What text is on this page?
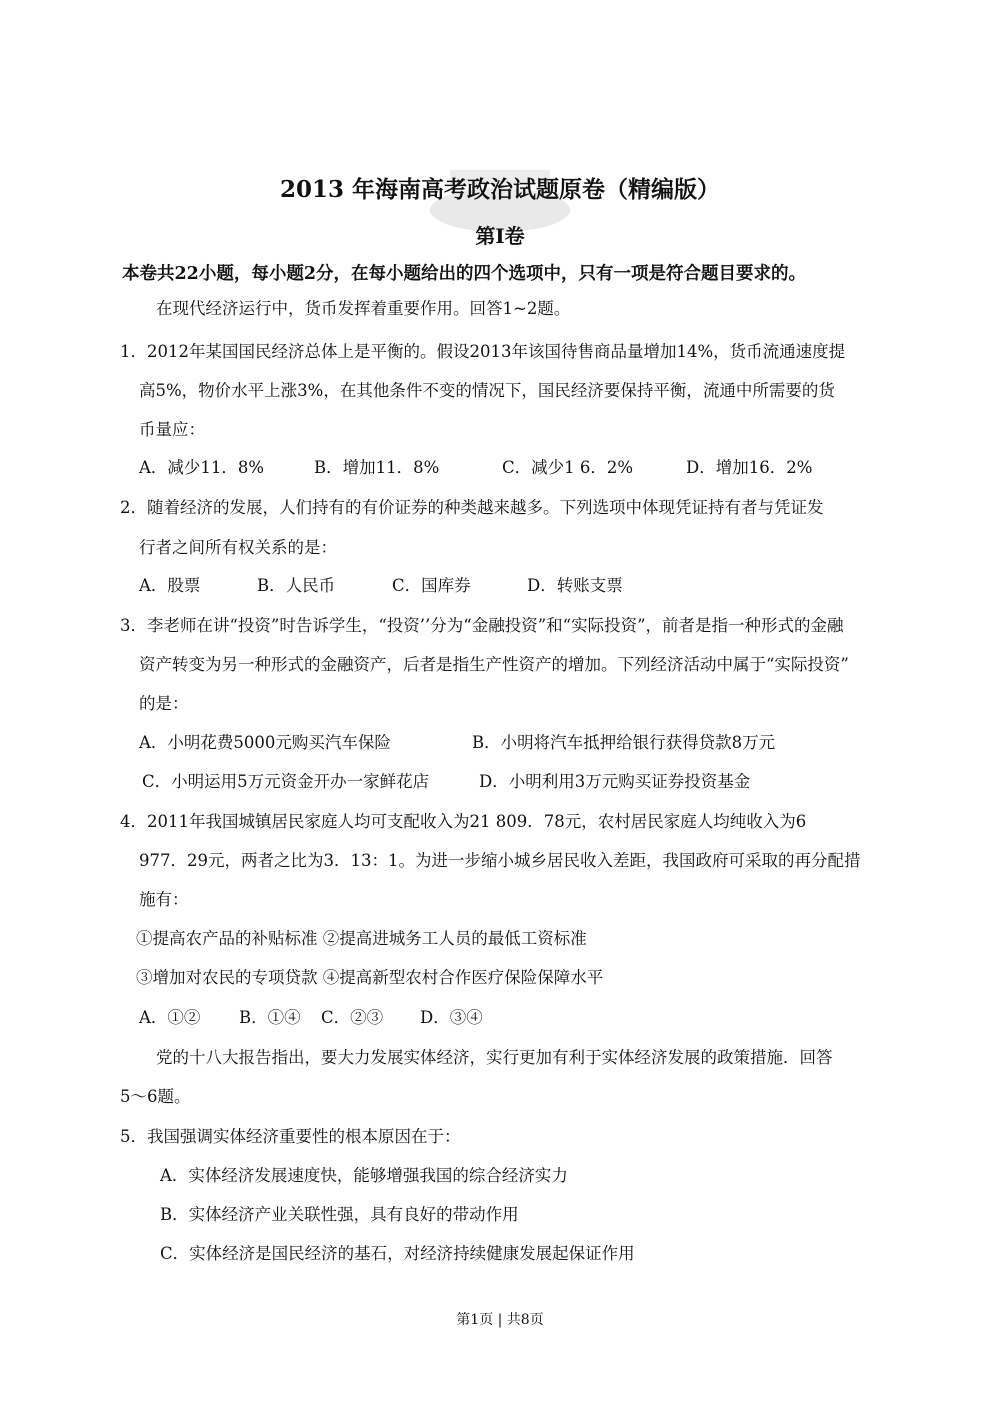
2013 年海南高考政治试题原卷（精编版）
第Ⅰ卷
本卷共22小题，每小题2分，在每小题给出的四个选项中，只有一项是符合题目要求的。
在现代经济运行中，货币发挥着重要作用。回答1~2题。
1．2012年某国国民经济总体上是平衡的。假设2013年该国待售商品量增加14%，货币流通速度提
高5%，物价水平上涨3%，在其他条件不变的情况下，国民经济要保持平衡，流通中所需要的货
币量应：
A．减少11．8%	B．增加11．8%	C．减少1 6．2%	D．增加16．2%
2．随着经济的发展，人们持有的有价证券的种类越来越多。下列选项中体现凭证持有者与凭证发
行者之间所有权关系的是：
A．股票	B．人民币	C．国库券	D．转账支票
3．李老师在讲“投资”时告诉学生，“投资’’分为“金融投资”和“实际投资”，前者是指一种形式的金融
资产转变为另一种形式的金融资产，后者是指生产性资产的增加。下列经济活动中属于“实际投资”
的是：
A．小明花费5000元购买汽车保险	B．小明将汽车抵押给银行获得贷款8万元
C．小明运用5万元资金开办一家鲜花店	D．小明利用3万元购买证券投资基金
4．2011年我国城镇居民家庭人均可支配收入为21 809．78元，农村居民家庭人均纯收入为6
977．29元，两者之比为3．13：1。为进一步缩小城乡居民收入差距，我国政府可采取的再分配措
施有：
①提高农产品的补贴标准 ②提高进城务工人员的最低工资标准
③增加对农民的专项贷款 ④提高新型农村合作医疗保险保障水平
A．①② B．①④ C．②③ D．③④
党的十八大报告指出，要大力发展实体经济，实行更加有利于实体经济发展的政策措施．回答
5～6题。
5．我国强调实体经济重要性的根本原因在于：
A．实体经济发展速度快，能够增强我国的综合经济实力
B．实体经济产业关联性强，具有良好的带动作用
C．实体经济是国民经济的基石，对经济持续健康发展起保证作用
第1页 | 共8页
